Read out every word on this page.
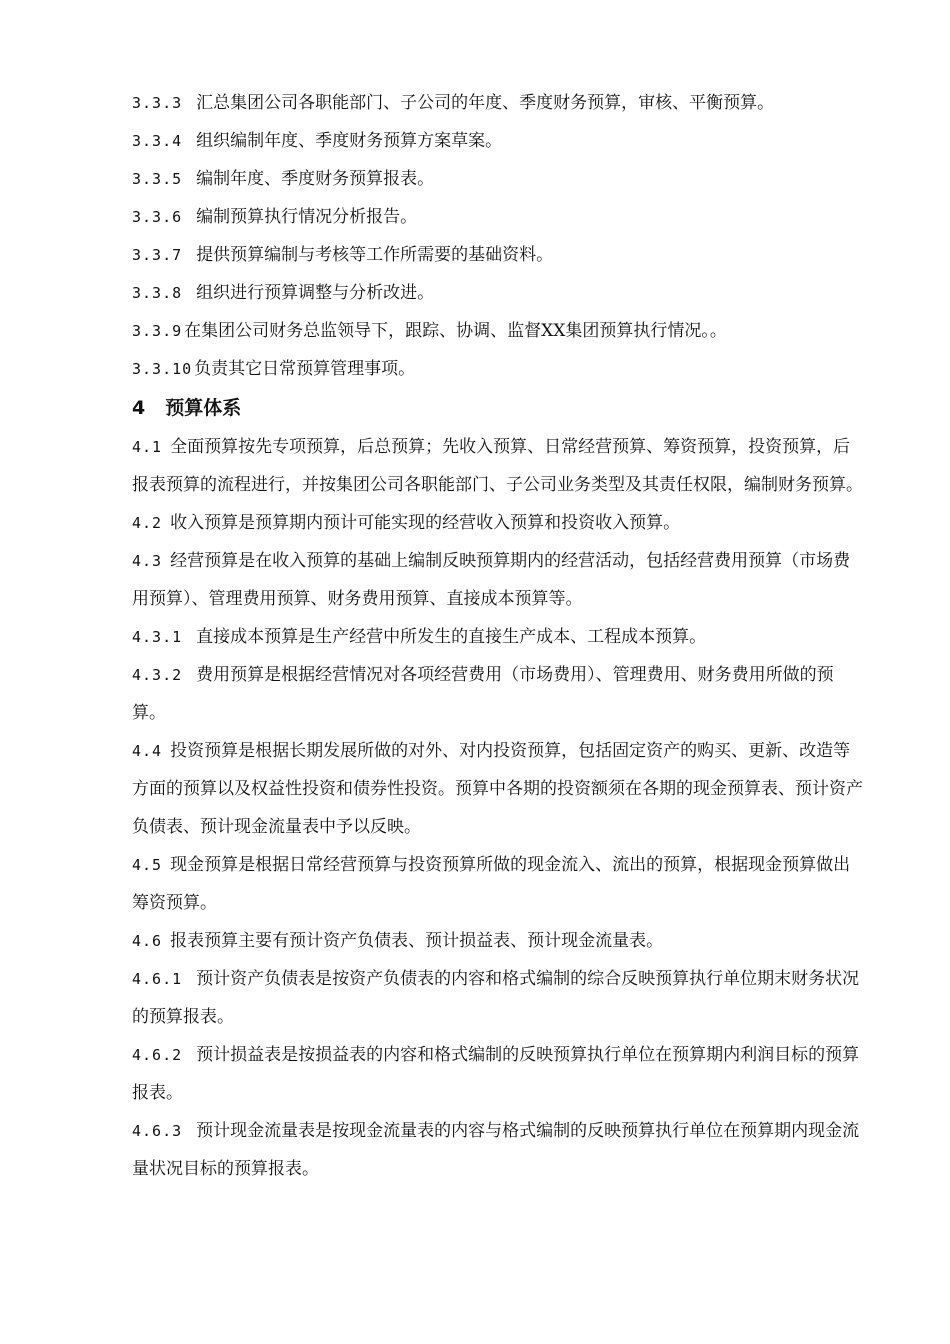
3.3.3 汇总集团公司各职能部门、子公司的年度、季度财务预算，审核、平衡预算。

3.3.4 组织编制年度、季度财务预算方案草案。

3.3.5 编制年度、季度财务预算报表。

3.3.6 编制预算执行情况分析报告。

3.3.7 提供预算编制与考核等工作所需要的基础资料。

3.3.8 组织进行预算调整与分析改进。

3.3.9 在集团公司财务总监领导下，跟踪、协调、监督XX集团预算执行情况。。

3.3.10 负责其它日常预算管理事项。

4 预算体系

4.1 全面预算按先专项预算，后总预算；先收入预算、日常经营预算、筹资预算，投资预算，后报表预算的流程进行，并按集团公司各职能部门、子公司业务类型及其责任权限，编制财务预算。

4.2 收入预算是预算期内预计可能实现的经营收入预算和投资收入预算。

4.3 经营预算是在收入预算的基础上编制反映预算期内的经营活动，包括经营费用预算（市场费用预算）、管理费用预算、财务费用预算、直接成本预算等。

4.3.1 直接成本预算是生产经营中所发生的直接生产成本、工程成本预算。

4.3.2 费用预算是根据经营情况对各项经营费用（市场费用）、管理费用、财务费用所做的预算。

4.4 投资预算是根据长期发展所做的对外、对内投资预算，包括固定资产的购买、更新、改造等方面的预算以及权益性投资和债券性投资。预算中各期的投资额须在各期的现金预算表、预计资产负债表、预计现金流量表中予以反映。

4.5 现金预算是根据日常经营预算与投资预算所做的现金流入、流出的预算，根据现金预算做出筹资预算。

4.6 报表预算主要有预计资产负债表、预计损益表、预计现金流量表。

4.6.1 预计资产负债表是按资产负债表的内容和格式编制的综合反映预算执行单位期末财务状况的预算报表。

4.6.2 预计损益表是按损益表的内容和格式编制的反映预算执行单位在预算期内利润目标的预算报表。

4.6.3 预计现金流量表是按现金流量表的内容与格式编制的反映预算执行单位在预算期内现金流量状况目标的预算报表。
